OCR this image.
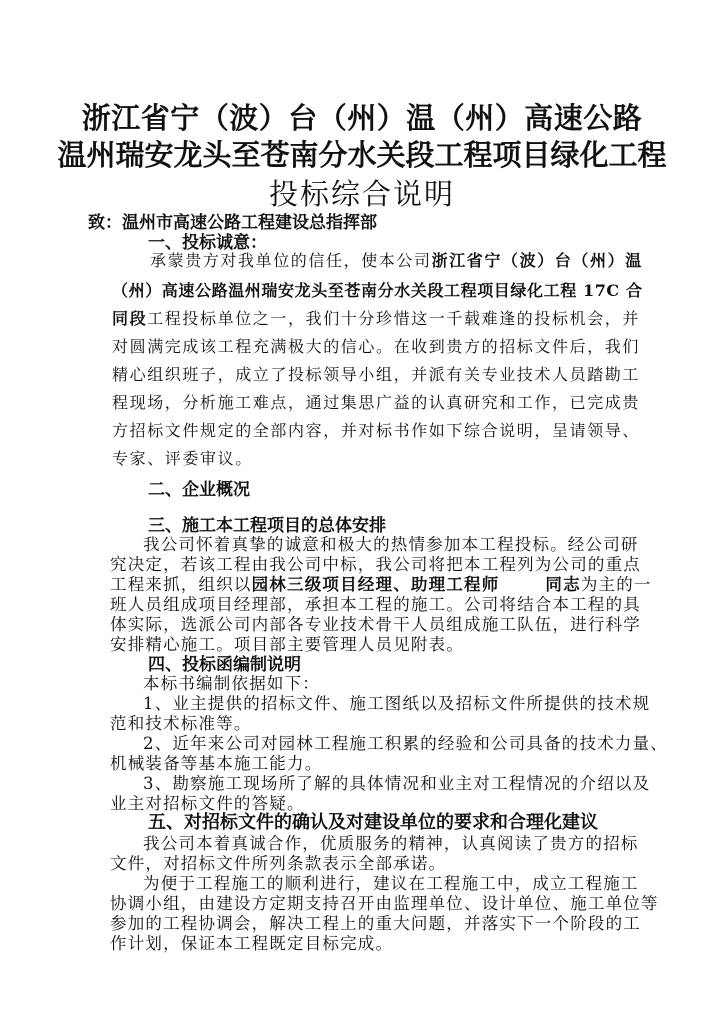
浙江省宁（波）台（州）温（州）高速公路
温州瑞安龙头至苍南分水关段工程项目绿化工程
投标综合说明
致：温州市高速公路工程建设总指挥部
一、投标诚意：
承蒙贵方对我单位的信任，使本公司浙江省宁（波）台（州）温
（州）高速公路温州瑞安龙头至苍南分水关段工程项目绿化工程 17C 合
同段工程投标单位之一，我们十分珍惜这一千载难逢的投标机会，并
对圆满完成该工程充满极大的信心。在收到贵方的招标文件后，我们
精心组织班子，成立了投标领导小组，并派有关专业技术人员踏勘工
程现场，分析施工难点，通过集思广益的认真研究和工作，已完成贵
方招标文件规定的全部内容，并对标书作如下综合说明，呈请领导、
专家、评委审议。
二、企业概况
三、施工本工程项目的总体安排
我公司怀着真挚的诚意和极大的热情参加本工程投标。经公司研
究决定，若该工程由我公司中标，我公司将把本工程列为公司的重点
工程来抓，组织以园林三级项目经理、助理工程师	同志为主的一
班人员组成项目经理部，承担本工程的施工。公司将结合本工程的具
体实际，选派公司内部各专业技术骨干人员组成施工队伍，进行科学
安排精心施工。项目部主要管理人员见附表。
四、投标函编制说明
本标书编制依据如下：
1、业主提供的招标文件、施工图纸以及招标文件所提供的技术规
范和技术标准等。
2、近年来公司对园林工程施工积累的经验和公司具备的技术力量、
机械装备等基本施工能力。
3、勘察施工现场所了解的具体情况和业主对工程情况的介绍以及
业主对招标文件的答疑。
五、对招标文件的确认及对建设单位的要求和合理化建议
我公司本着真诚合作，优质服务的精神，认真阅读了贵方的招标
文件，对招标文件所列条款表示全部承诺。
为便于工程施工的顺利进行，建议在工程施工中，成立工程施工
协调小组，由建设方定期支持召开由监理单位、设计单位、施工单位等
参加的工程协调会，解决工程上的重大问题，并落实下一个阶段的工
作计划，保证本工程既定目标完成。
